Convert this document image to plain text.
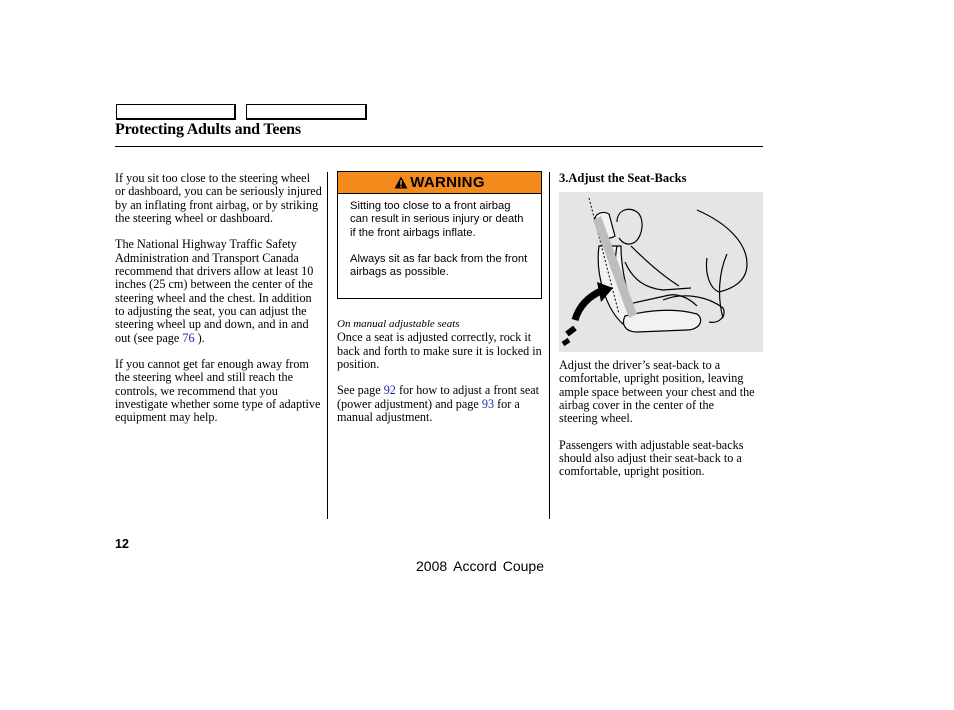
Protecting Adults and Teens

If you sit too close to the steering wheel or dashboard, you can be seriously injured by an inflating front airbag, or by striking the steering wheel or dashboard.

The National Highway Traffic Safety Administration and Transport Canada recommend that drivers allow at least 10 inches (25 cm) between the center of the steering wheel and the chest. In addition to adjusting the seat, you can adjust the steering wheel up and down, and in and out (see page 76 ).

If you cannot get far enough away from the steering wheel and still reach the controls, we recommend that you investigate whether some type of adaptive equipment may help.

WARNING

Sitting too close to a front airbag can result in serious injury or death if the front airbags inflate.

Always sit as far back from the front airbags as possible.

On manual adjustable seats

Once a seat is adjusted correctly, rock it back and forth to make sure it is locked in position.

See page 92 for how to adjust a front seat (power adjustment) and page 93 for a manual adjustment.

3.Adjust the Seat-Backs

Adjust the driver’s seat-back to a comfortable, upright position, leaving ample space between your chest and the airbag cover in the center of the steering wheel.

Passengers with adjustable seat-backs should also adjust their seat-back to a comfortable, upright position.

12
2008 Accord Coupe
